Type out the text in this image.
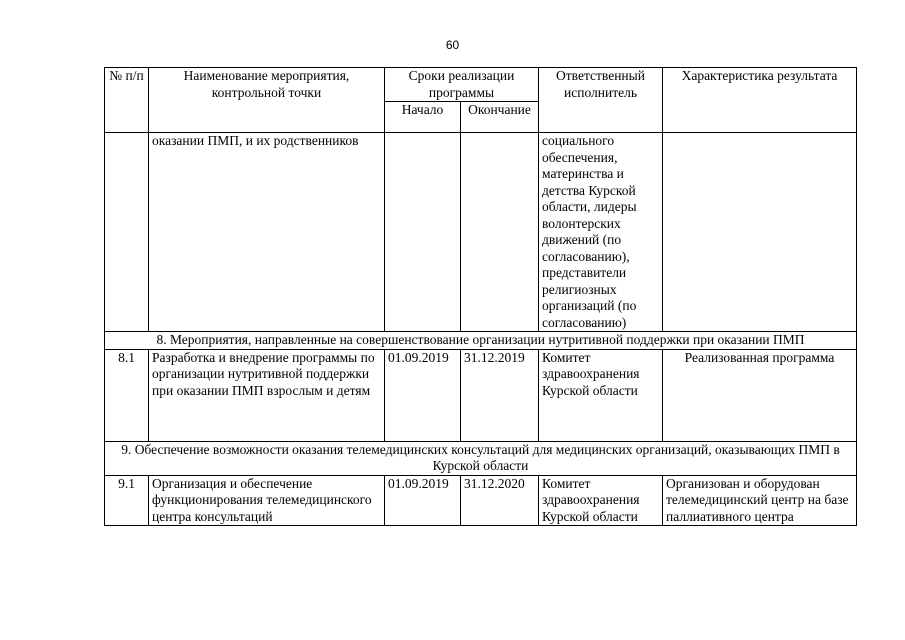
60
№ п/п	Наименование мероприятия, контрольной точки	Сроки реализации программы		Ответственный исполнитель	Характеристика результата
		Начало	Окончание		
	оказании ПМП, и их родственников			социального обеспечения, материнства и детства Курской области, лидеры волонтерских движений (по согласованию), представители религиозных организаций (по согласованию)	
8. Мероприятия, направленные на совершенствование организации нутритивной поддержки при оказании ПМП					
8.1	Разработка и внедрение программы по организации нутритивной поддержки при оказании ПМП взрослым и детям	01.09.2019	31.12.2019	Комитет здравоохранения Курской области	Реализованная программа
9. Обеспечение возможности оказания телемедицинских консультаций для медицинских организаций, оказывающих ПМП в Курской области					
9.1	Организация и обеспечение функционирования телемедицинского центра консультаций	01.09.2019	31.12.2020	Комитет здравоохранения Курской области	Организован и оборудован телемедицинский центр на базе паллиативного центра
